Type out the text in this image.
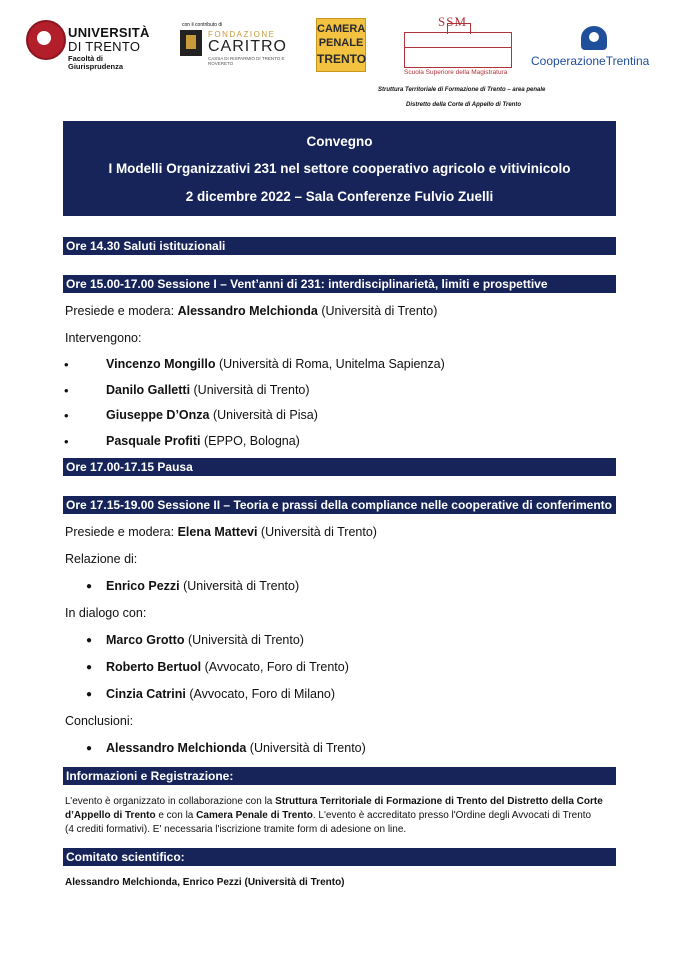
UNIVERSITÀ
DI TRENTO
Facoltà di
Giurisprudenza
con il contributo di
FONDAZIONE
CARITRO
CASSA DI RISPARMIO DI TRENTO E ROVERETO
CAMERA
PENALE
TRENTO
SSM
Scuola Superiore della Magistratura
CooperazioneTrentina
Struttura Territoriale di Formazione di Trento – area penale
Distretto della Corte di Appello di Trento
Convegno
I Modelli Organizzativi 231 nel settore cooperativo agricolo e vitivinicolo
2 dicembre 2022 – Sala Conferenze Fulvio Zuelli
Ore 14.30 Saluti istituzionali
Ore 15.00-17.00 Sessione I – Vent’anni di 231: interdisciplinarietà, limiti e prospettive
Presiede e modera: Alessandro Melchionda (Università di Trento)
Intervengono:
•	Vincenzo Mongillo (Università di Roma, Unitelma Sapienza)
•	Danilo Galletti (Università di Trento)
•	Giuseppe D’Onza (Università di Pisa)
•	Pasquale Profiti (EPPO, Bologna)
Ore 17.00-17.15 Pausa
Ore 17.15-19.00 Sessione II – Teoria e prassi della compliance nelle cooperative di conferimento
Presiede e modera: Elena Mattevi (Università di Trento)
Relazione di:
● Enrico Pezzi (Università di Trento)
In dialogo con:
● Marco Grotto (Università di Trento)
● Roberto Bertuol (Avvocato, Foro di Trento)
● Cinzia Catrini (Avvocato, Foro di Milano)
Conclusioni:
● Alessandro Melchionda (Università di Trento)
Informazioni e Registrazione:
L’evento è organizzato in collaborazione con la Struttura Territoriale di Formazione di Trento del Distretto della Corte
d’Appello di Trento e con la Camera Penale di Trento. L'evento è accreditato presso l'Ordine degli Avvocati di Trento
(4 crediti formativi). E' necessaria l'iscrizione tramite form di adesione on line.
Comitato scientifico:
Alessandro Melchionda, Enrico Pezzi (Università di Trento)
